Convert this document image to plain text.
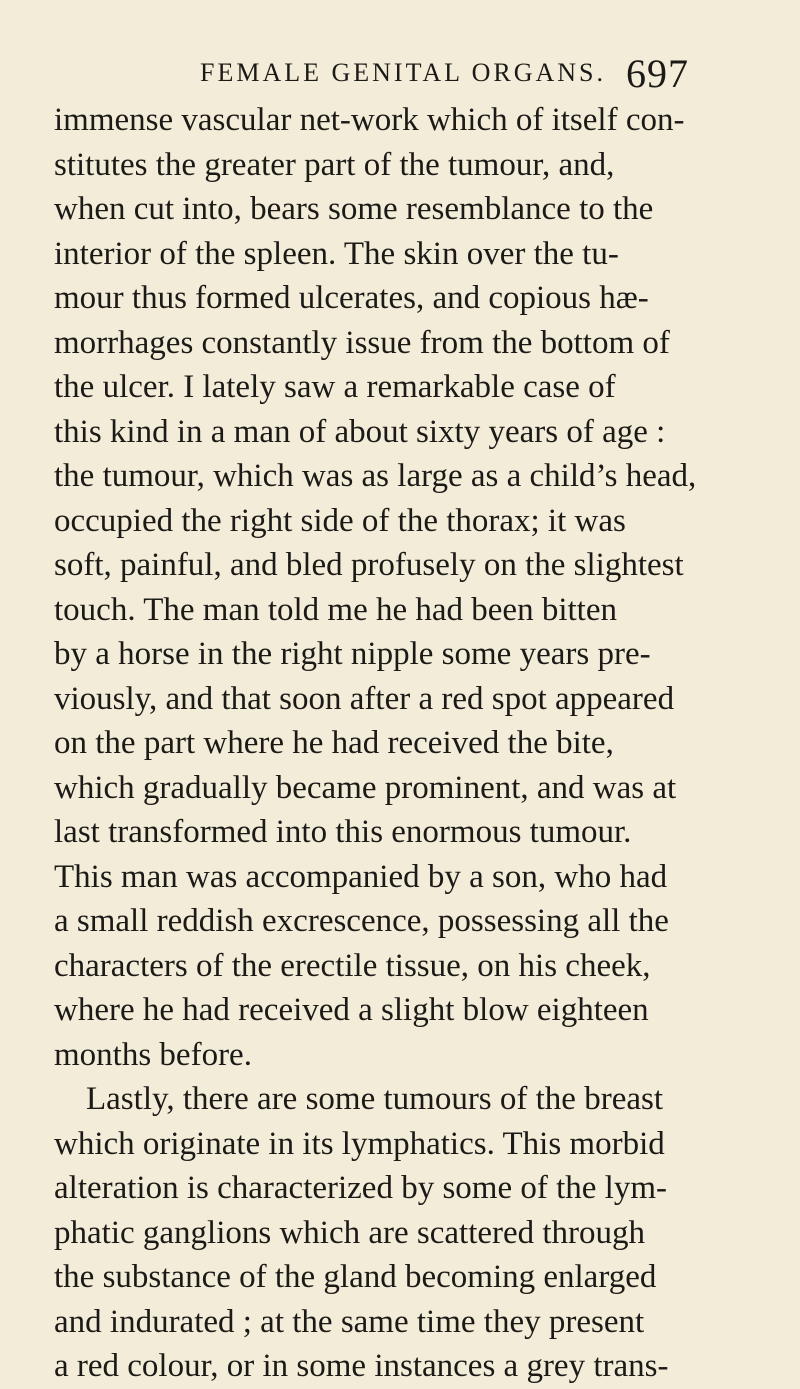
FEMALE GENITAL ORGANS. 697
immense vascular net-work which of itself con-
stitutes the greater part of the tumour, and,
when cut into, bears some resemblance to the
interior of the spleen. The skin over the tu-
mour thus formed ulcerates, and copious hæ-
morrhages constantly issue from the bottom of
the ulcer. I lately saw a remarkable case of
this kind in a man of about sixty years of age :
the tumour, which was as large as a child’s head,
occupied the right side of the thorax; it was
soft, painful, and bled profusely on the slightest
touch. The man told me he had been bitten
by a horse in the right nipple some years pre-
viously, and that soon after a red spot appeared
on the part where he had received the bite,
which gradually became prominent, and was at
last transformed into this enormous tumour.
This man was accompanied by a son, who had
a small reddish excrescence, possessing all the
characters of the erectile tissue, on his cheek,
where he had received a slight blow eighteen
months before.
Lastly, there are some tumours of the breast
which originate in its lymphatics. This morbid
alteration is characterized by some of the lym-
phatic ganglions which are scattered through
the substance of the gland becoming enlarged
and indurated ; at the same time they present
a red colour, or in some instances a grey trans-
